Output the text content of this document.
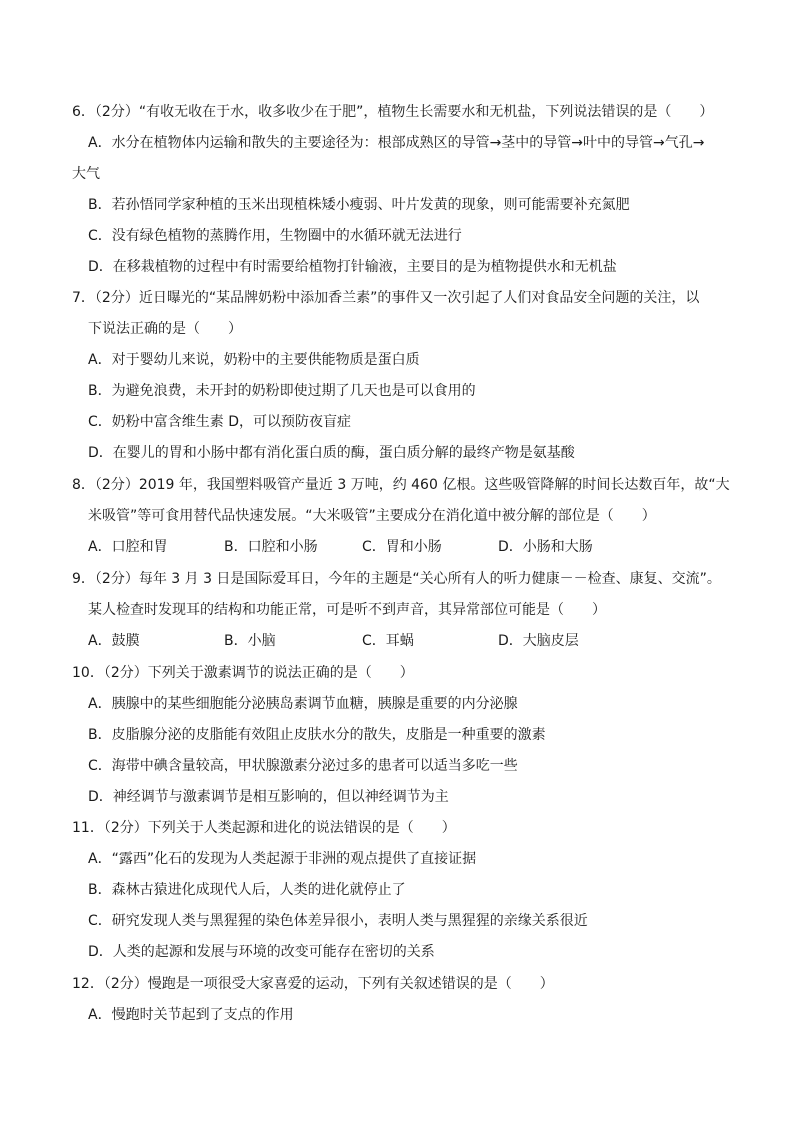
6．（2分）“有收无收在于水，收多收少在于肥”，植物生长需要水和无机盐，下列说法错误的是（　　）

A．水分在植物体内运输和散失的主要途径为：根部成熟区的导管→茎中的导管→叶中的导管→气孔→

大气

B．若孙悟同学家种植的玉米出现植株矮小瘦弱、叶片发黄的现象，则可能需要补充氮肥

C．没有绿色植物的蒸腾作用，生物圈中的水循环就无法进行

D．在移栽植物的过程中有时需要给植物打针输液，主要目的是为植物提供水和无机盐

7．（2分）近日曝光的“某品牌奶粉中添加香兰素”的事件又一次引起了人们对食品安全问题的关注，以

下说法正确的是（　　）

A．对于婴幼儿来说，奶粉中的主要供能物质是蛋白质

B．为避免浪费，未开封的奶粉即使过期了几天也是可以食用的

C．奶粉中富含维生素 D，可以预防夜盲症

D．在婴儿的胃和小肠中都有消化蛋白质的酶，蛋白质分解的最终产物是氨基酸

8．（2分）2019 年，我国塑料吸管产量近 3 万吨，约 460 亿根。这些吸管降解的时间长达数百年，故“大

米吸管”等可食用替代品快速发展。“大米吸管”主要成分在消化道中被分解的部位是（　　）

A．口腔和胃	B．口腔和小肠	C．胃和小肠	D．小肠和大肠

9．（2分）每年 3 月 3 日是国际爱耳日，今年的主题是“关心所有人的听力健康－－检查、康复、交流”。

某人检查时发现耳的结构和功能正常，可是听不到声音，其异常部位可能是（　　）

A．鼓膜	B．小脑	C．耳蜗	D．大脑皮层

10．（2分）下列关于激素调节的说法正确的是（　　）

A．胰腺中的某些细胞能分泌胰岛素调节血糖，胰腺是重要的内分泌腺

B．皮脂腺分泌的皮脂能有效阻止皮肤水分的散失，皮脂是一种重要的激素

C．海带中碘含量较高，甲状腺激素分泌过多的患者可以适当多吃一些

D．神经调节与激素调节是相互影响的，但以神经调节为主

11．（2分）下列关于人类起源和进化的说法错误的是（　　）

A．“露西”化石的发现为人类起源于非洲的观点提供了直接证据

B．森林古猿进化成现代人后，人类的进化就停止了

C．研究发现人类与黑猩猩的染色体差异很小，表明人类与黑猩猩的亲缘关系很近

D．人类的起源和发展与环境的改变可能存在密切的关系

12．（2分）慢跑是一项很受大家喜爱的运动，下列有关叙述错误的是（　　）

A．慢跑时关节起到了支点的作用
